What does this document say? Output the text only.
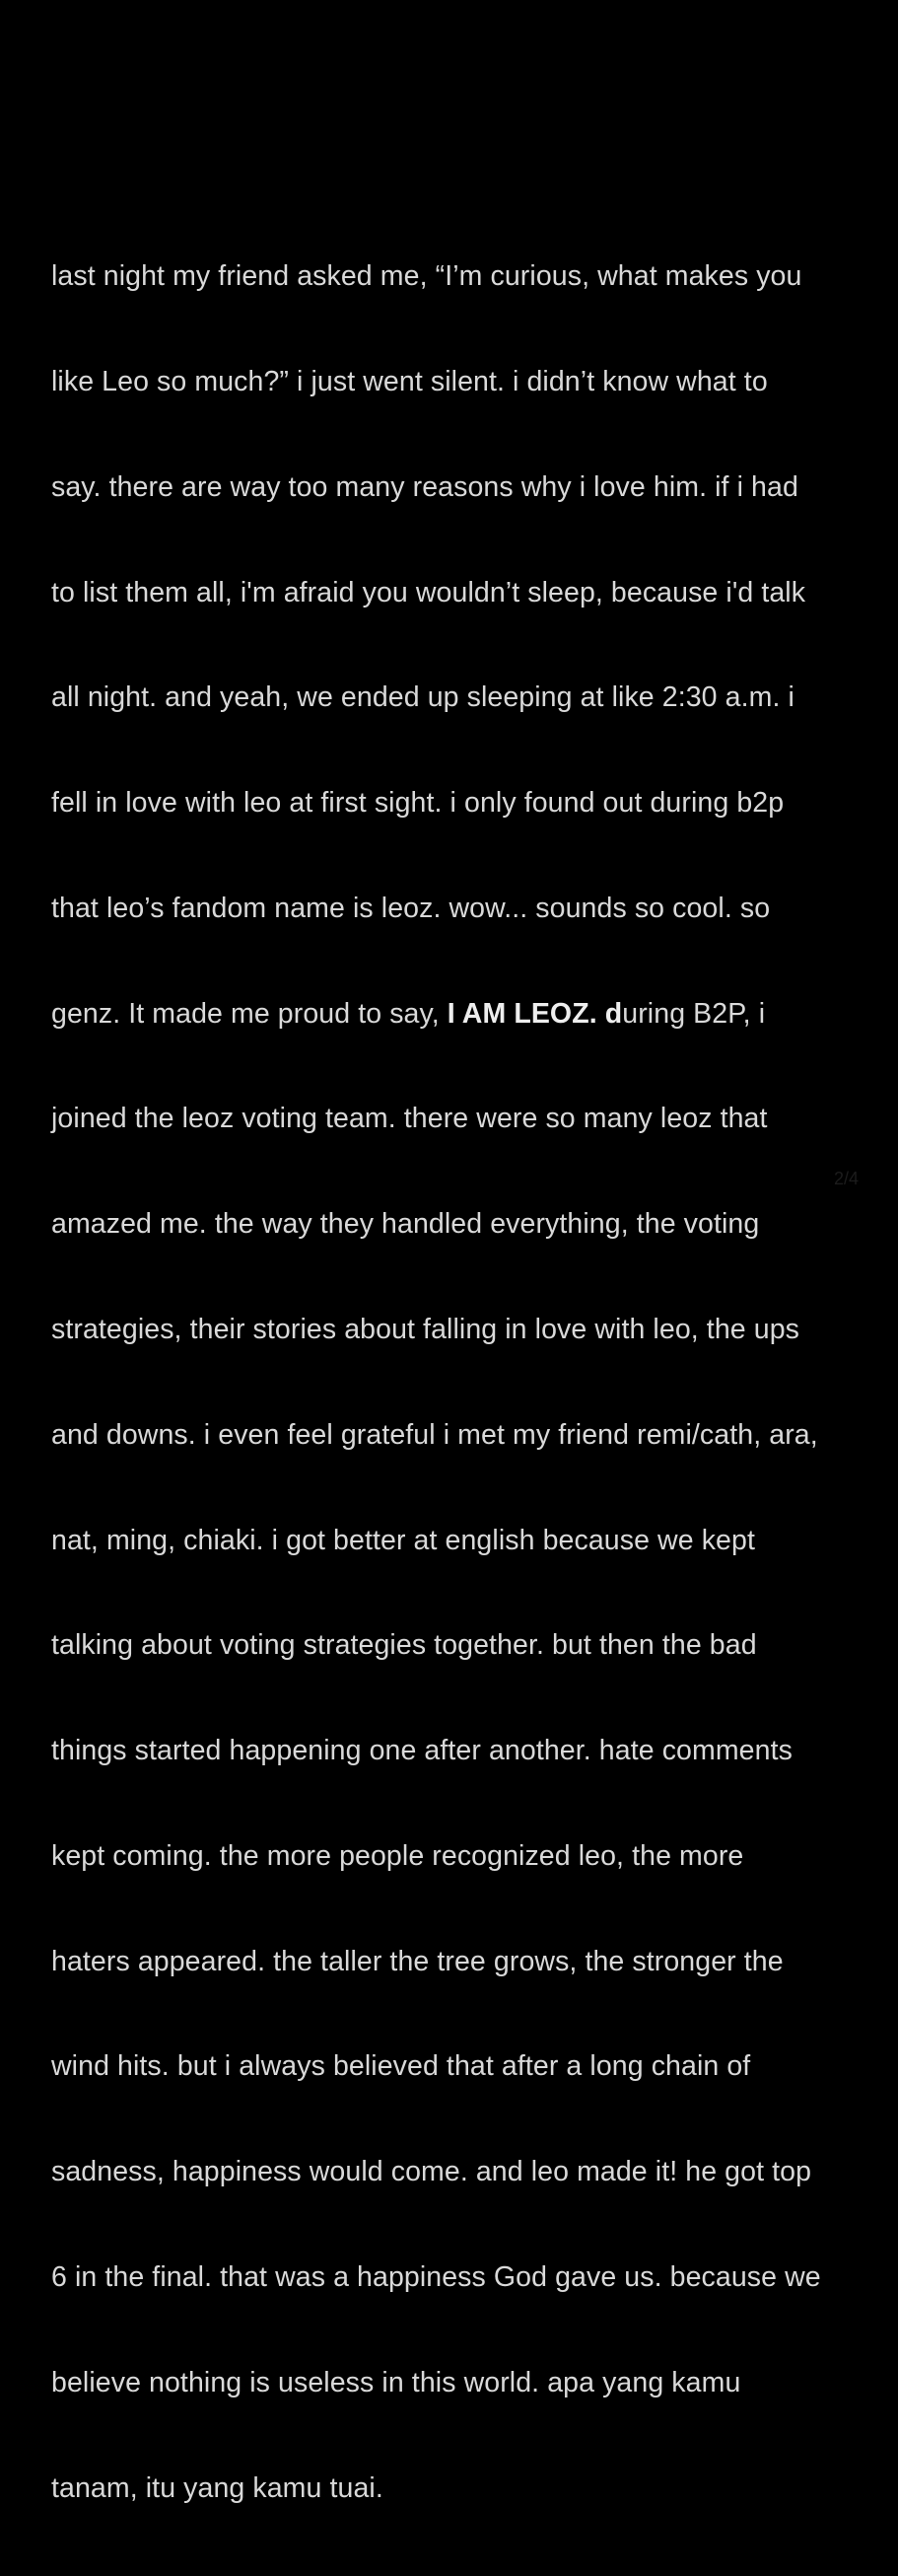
last night my friend asked me, “I’m curious, what makes you

like Leo so much?” i just went silent. i didn’t know what to

say. there are way too many reasons why i love him. if i had

to list them all, i'm afraid you wouldn’t sleep, because i'd talk

all night. and yeah, we ended up sleeping at like 2:30 a.m. i

fell in love with leo at first sight. i only found out during b2p

that leo’s fandom name is leoz. wow... sounds so cool. so

genz. It made me proud to say, I AM LEOZ. during B2P, i

joined the leoz voting team. there were so many leoz that

amazed me. the way they handled everything, the voting

strategies, their stories about falling in love with leo, the ups

and downs. i even feel grateful i met my friend remi/cath, ara,

nat, ming, chiaki. i got better at english because we kept

talking about voting strategies together. but then the bad

things started happening one after another. hate comments

kept coming. the more people recognized leo, the more

haters appeared. the taller the tree grows, the stronger the

wind hits. but i always believed that after a long chain of

sadness, happiness would come. and leo made it! he got top

6 in the final. that was a happiness God gave us. because we

believe nothing is useless in this world. apa yang kamu

tanam, itu yang kamu tuai.

2/4
